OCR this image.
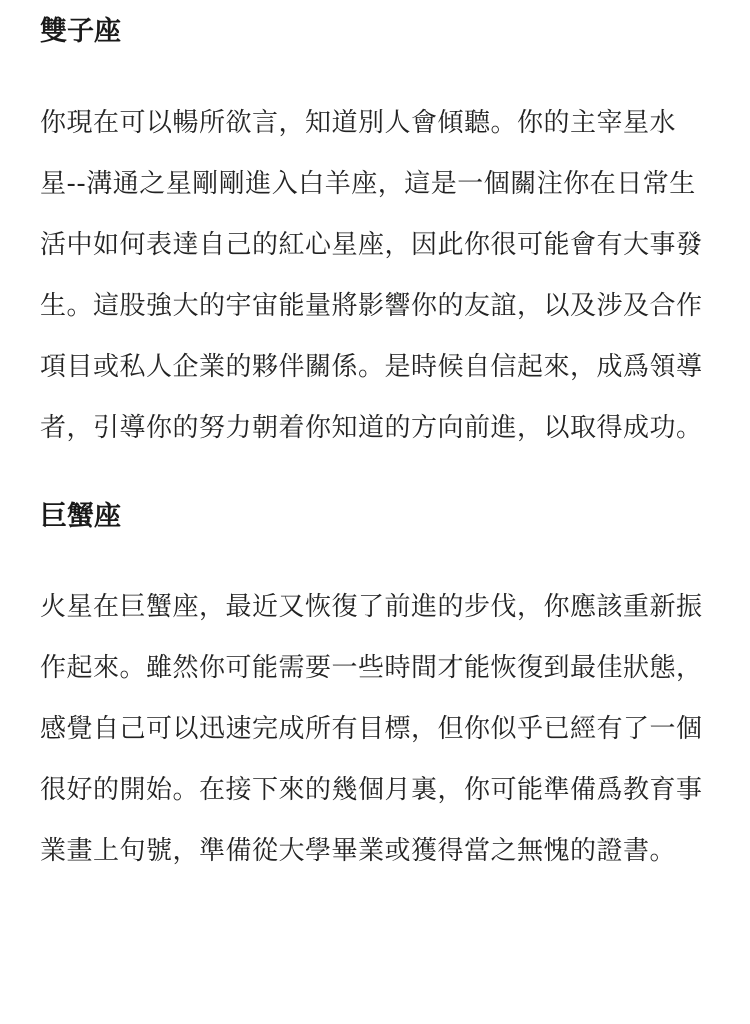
雙子座

你現在可以暢所欲言，知道別人會傾聽。你的主宰星水星--溝通之星剛剛進入白羊座，這是一個關注你在日常生活中如何表達自己的紅心星座，因此你很可能會有大事發生。這股強大的宇宙能量將影響你的友誼，以及涉及合作項目或私人企業的夥伴關係。是時候自信起來，成爲領導者，引導你的努力朝着你知道的方向前進，以取得成功。

巨蟹座

火星在巨蟹座，最近又恢復了前進的步伐，你應該重新振作起來。雖然你可能需要一些時間才能恢復到最佳狀態，感覺自己可以迅速完成所有目標，但你似乎已經有了一個很好的開始。在接下來的幾個月裏，你可能準備爲教育事業畫上句號，準備從大學畢業或獲得當之無愧的證書。
